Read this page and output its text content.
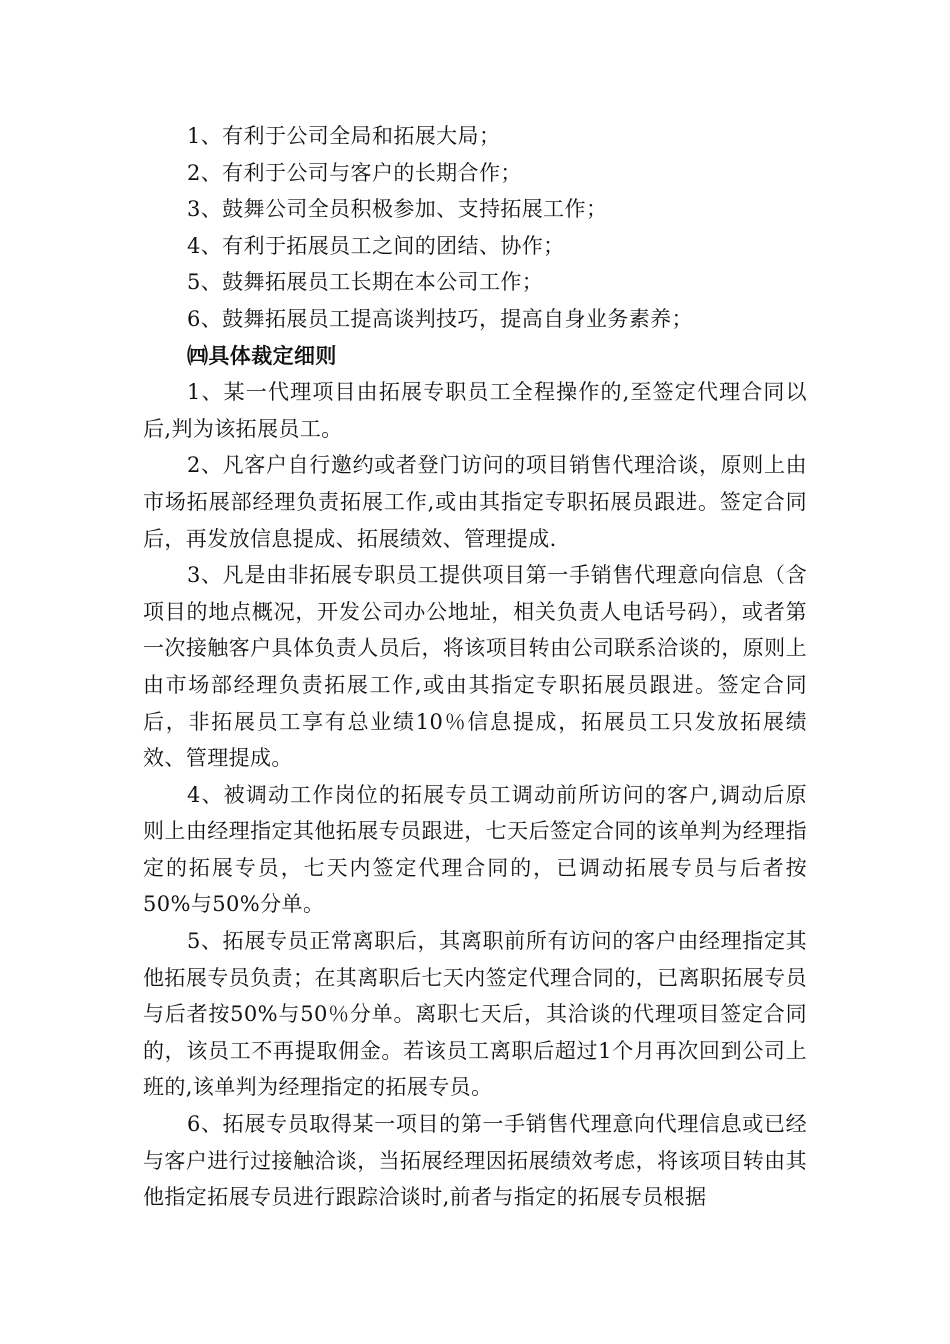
1、有利于公司全局和拓展大局；

2、有利于公司与客户的长期合作；

3、鼓舞公司全员积极参加、支持拓展工作；

4、有利于拓展员工之间的团结、协作；

5、鼓舞拓展员工长期在本公司工作；

6、鼓舞拓展员工提高谈判技巧，提高自身业务素养；

㈣具体裁定细则

1、某一代理项目由拓展专职员工全程操作的,至签定代理合同以后,判为该拓展员工。

2、凡客户自行邀约或者登门访问的项目销售代理洽谈，原则上由市场拓展部经理负责拓展工作,或由其指定专职拓展员跟进。签定合同后，再发放信息提成、拓展绩效、管理提成.

3、凡是由非拓展专职员工提供项目第一手销售代理意向信息（含项目的地点概况，开发公司办公地址，相关负责人电话号码），或者第一次接触客户具体负责人员后，将该项目转由公司联系洽谈的，原则上由市场部经理负责拓展工作,或由其指定专职拓展员跟进。签定合同后，非拓展员工享有总业绩10％信息提成，拓展员工只发放拓展绩效、管理提成。

4、被调动工作岗位的拓展专员工调动前所访问的客户,调动后原则上由经理指定其他拓展专员跟进，七天后签定合同的该单判为经理指定的拓展专员，七天内签定代理合同的，已调动拓展专员与后者按50%与50%分单。

5、拓展专员正常离职后，其离职前所有访问的客户由经理指定其他拓展专员负责；在其离职后七天内签定代理合同的，已离职拓展专员与后者按50%与50％分单。离职七天后，其洽谈的代理项目签定合同的，该员工不再提取佣金。若该员工离职后超过1个月再次回到公司上班的,该单判为经理指定的拓展专员。

6、拓展专员取得某一项目的第一手销售代理意向代理信息或已经与客户进行过接触洽谈，当拓展经理因拓展绩效考虑，将该项目转由其他指定拓展专员进行跟踪洽谈时,前者与指定的拓展专员根据
